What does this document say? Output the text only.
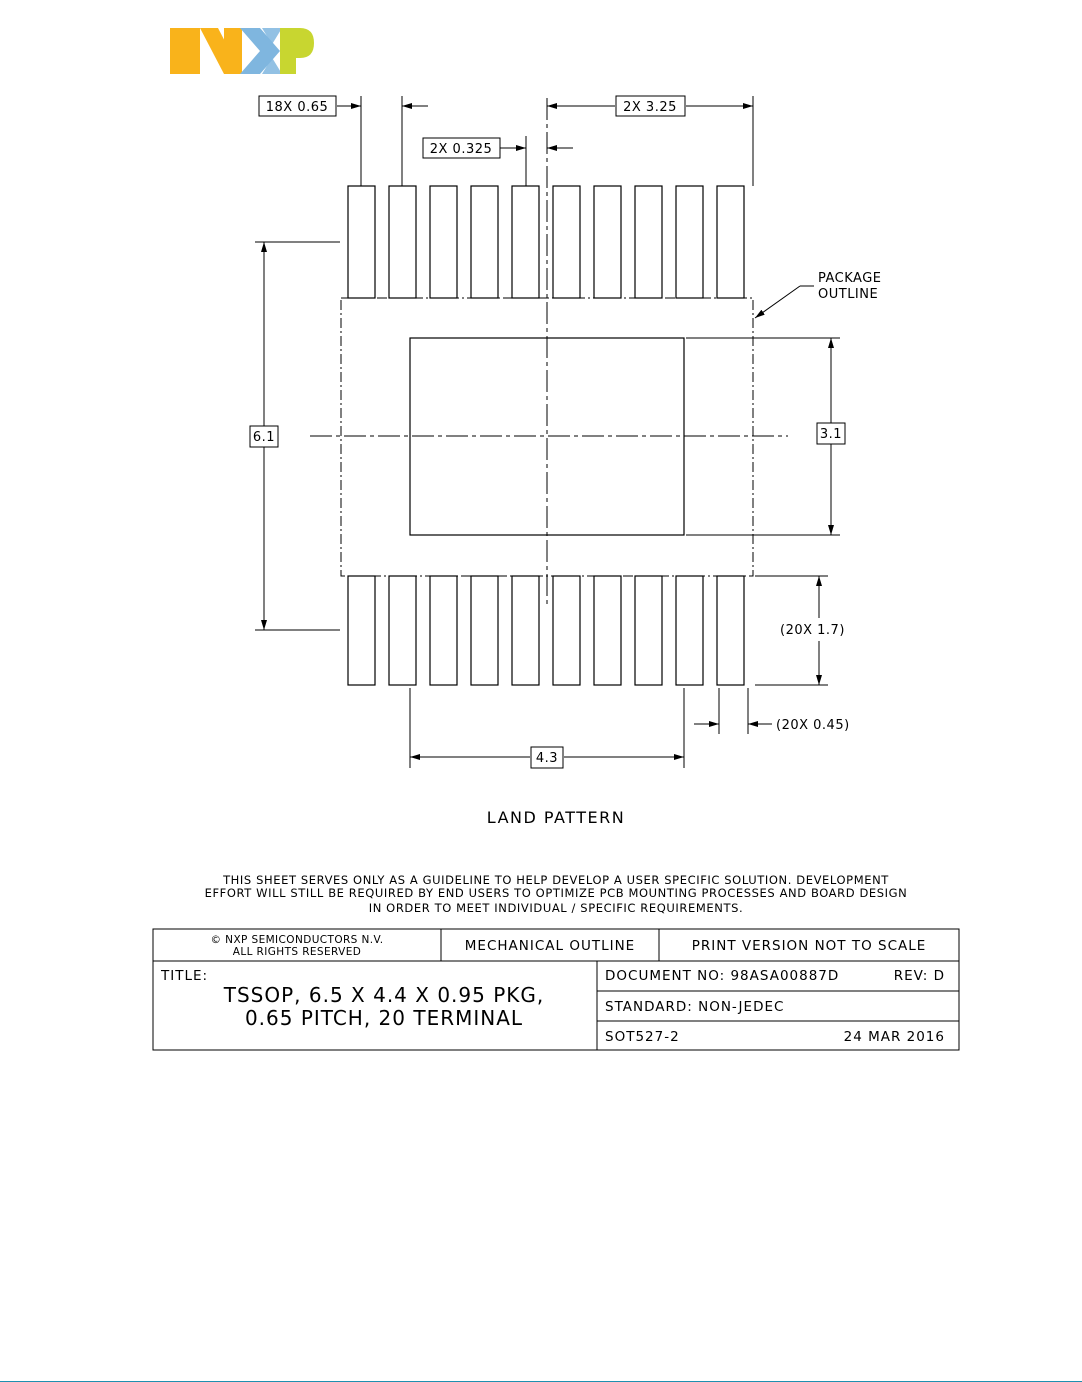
18X 0.65	2X 3.25
2X 0.325
6.1	3.1
(20X 1.7)
(20X 0.45)
4.3
PACKAGE
OUTLINE
LAND PATTERN
THIS SHEET SERVES ONLY AS A GUIDELINE TO HELP DEVELOP A USER SPECIFIC SOLUTION. DEVELOPMENT
EFFORT WILL STILL BE REQUIRED BY END USERS TO OPTIMIZE PCB MOUNTING PROCESSES AND BOARD DESIGN
IN ORDER TO MEET INDIVIDUAL / SPECIFIC REQUIREMENTS.
© NXP SEMICONDUCTORS N.V.
ALL RIGHTS RESERVED	MECHANICAL OUTLINE	PRINT VERSION NOT TO SCALE
TITLE:
TSSOP, 6.5 X 4.4 X 0.95 PKG,
0.65 PITCH, 20 TERMINAL
DOCUMENT NO: 98ASA00887D	REV: D
STANDARD: NON-JEDEC
SOT527-2	24 MAR 2016
